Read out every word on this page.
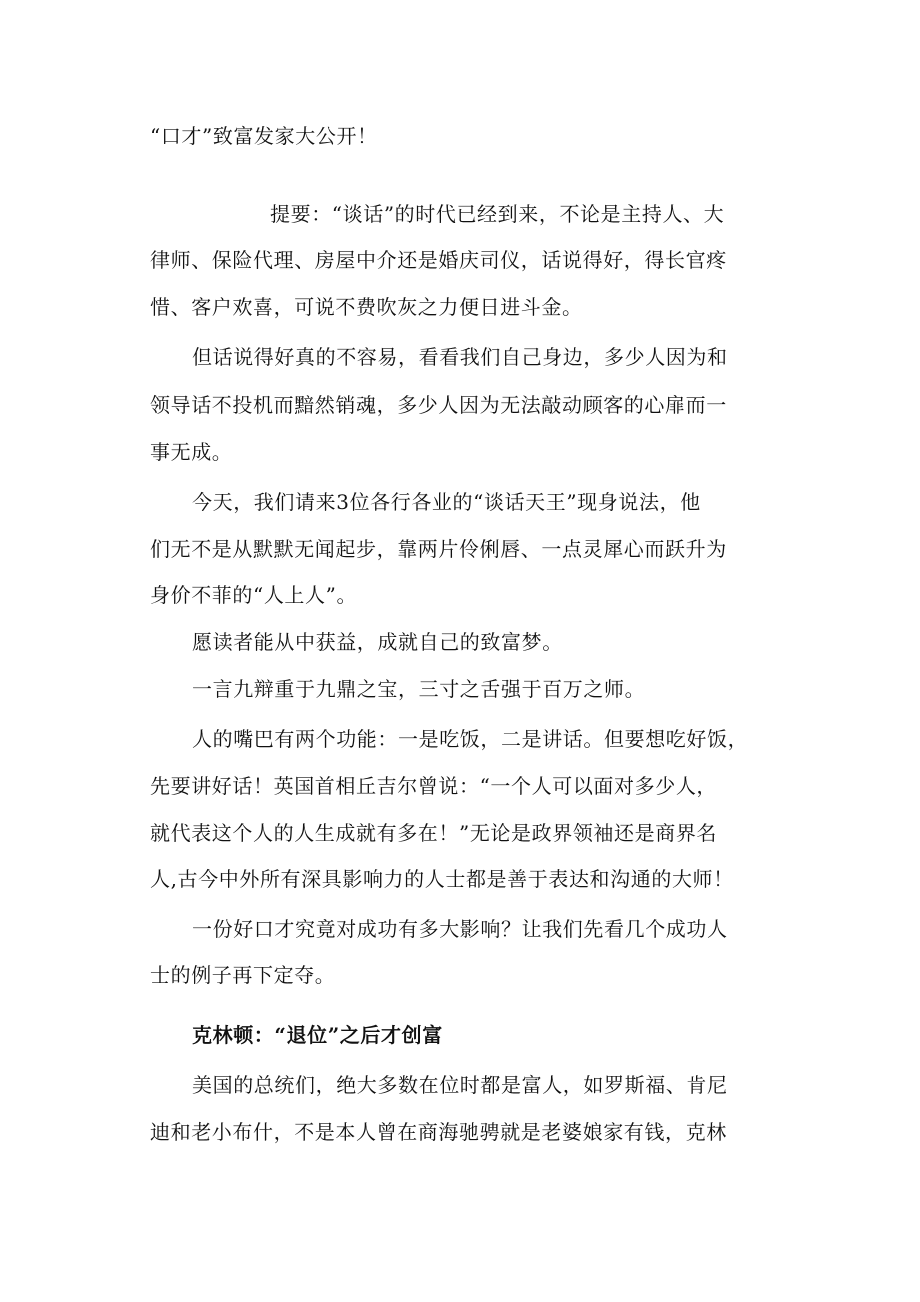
“口才”致富发家大公开！
提要：“谈话”的时代已经到来，不论是主持人、大
律师、保险代理、房屋中介还是婚庆司仪，话说得好，得长官疼
惜、客户欢喜，可说不费吹灰之力便日进斗金。
但话说得好真的不容易，看看我们自己身边，多少人因为和
领导话不投机而黯然销魂，多少人因为无法敲动顾客的心扉而一
事无成。
今天，我们请来3位各行各业的“谈话天王”现身说法，他
们无不是从默默无闻起步，靠两片伶俐唇、一点灵犀心而跃升为
身价不菲的“人上人”。
愿读者能从中获益，成就自己的致富梦。
一言九辩重于九鼎之宝，三寸之舌强于百万之师。
人的嘴巴有两个功能：一是吃饭，二是讲话。但要想吃好饭，
先要讲好话！英国首相丘吉尔曾说：“一个人可以面对多少人，
就代表这个人的人生成就有多在！”无论是政界领袖还是商界名
人,古今中外所有深具影响力的人士都是善于表达和沟通的大师！
一份好口才究竟对成功有多大影响？让我们先看几个成功人
士的例子再下定夺。
克林顿：“退位”之后才创富
美国的总统们，绝大多数在位时都是富人，如罗斯福、肯尼
迪和老小布什，不是本人曾在商海驰骋就是老婆娘家有钱，克林
